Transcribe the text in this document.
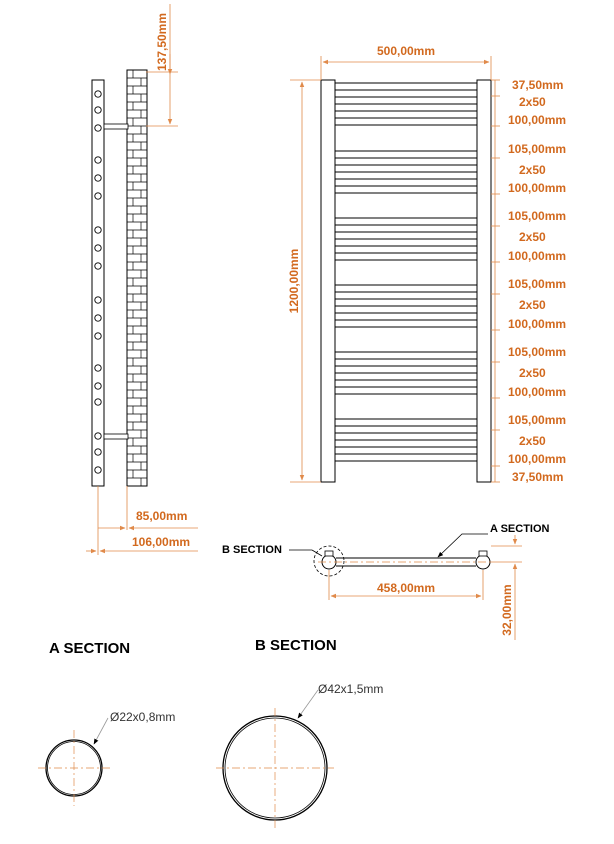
137,50mm
85,00mm
106,00mm
500,00mm
1200,00mm
37,50mm
2x50
100,00mm
105,00mm
2x50
100,00mm
105,00mm
2x50
100,00mm
105,00mm
2x50
100,00mm
105,00mm
2x50
100,00mm
105,00mm
2x50
100,00mm
37,50mm
A SECTION
B SECTION
458,00mm	32,00mm
A SECTION
Ø22x0,8mm
B SECTION
Ø42x1,5mm
